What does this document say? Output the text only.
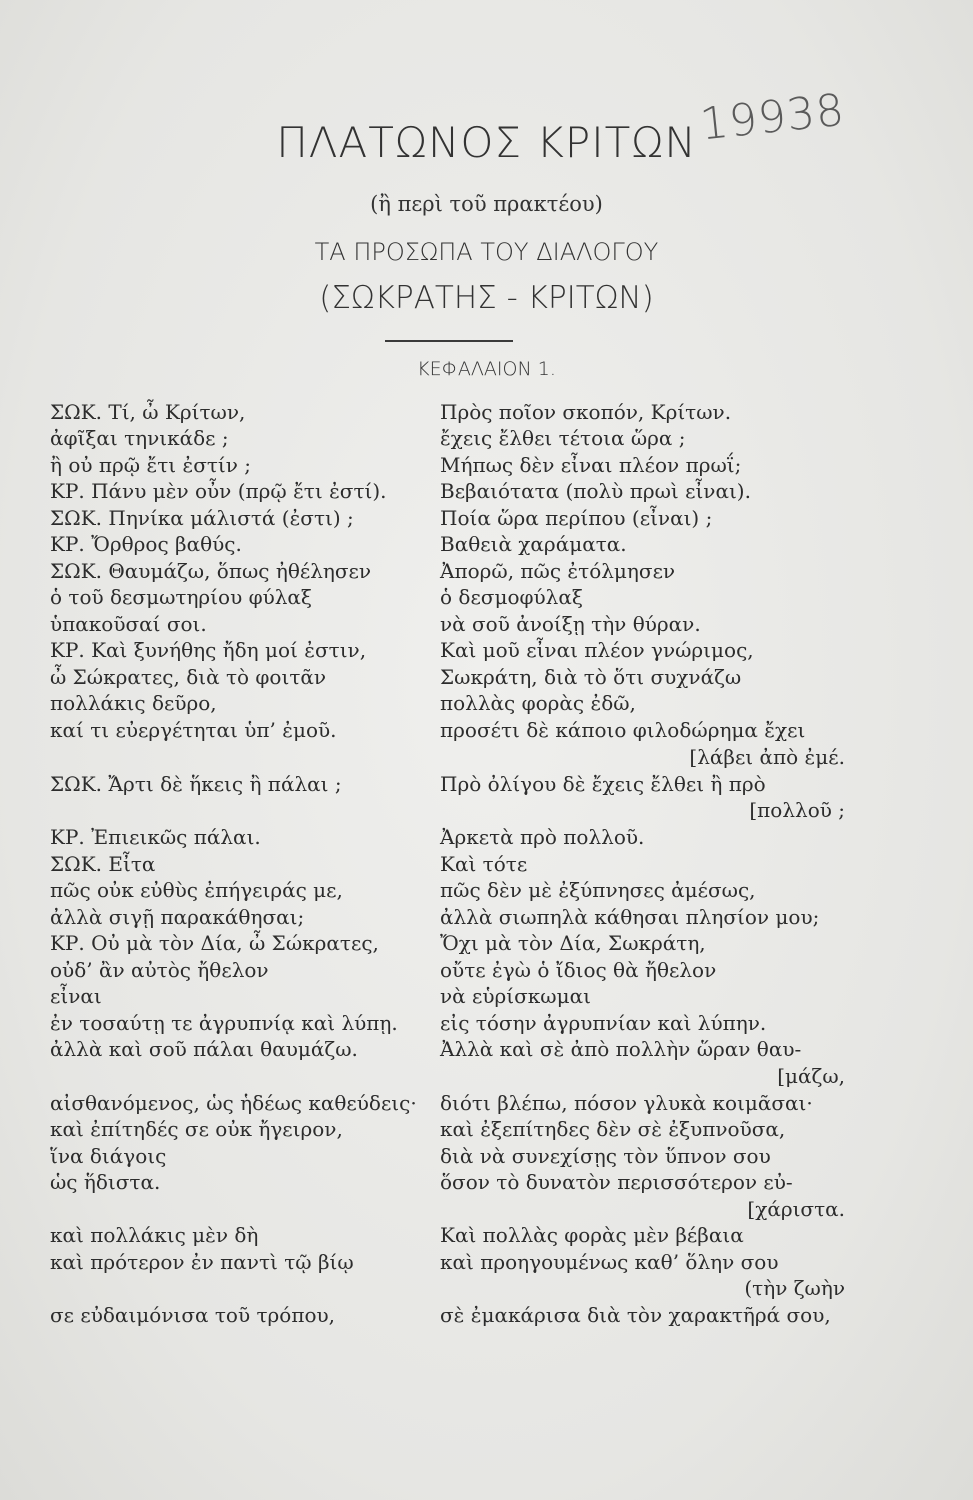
19938
ΠΛΑΤΩΝΟΣ ΚΡΙΤΩΝ
(ἢ περὶ τοῦ πρακτέου)
ΤΑ ΠΡΟΣΩΠΑ ΤΟΥ ΔΙΑΛΟΓΟΥ
(ΣΩΚΡΑΤΗΣ - ΚΡΙΤΩΝ)
ΚΕΦΑΛΑΙΟΝ 1.
ΣΩΚ. Τί, ὦ Κρίτων,
ἀφῖξαι τηνικάδε ;
ἢ οὐ πρῷ ἔτι ἐστίν ;
ΚΡ. Πάνυ μὲν οὖν (πρῷ ἔτι ἐστί).
ΣΩΚ. Πηνίκα μάλιστά (ἐστι) ;
ΚΡ. Ὄρθρος βαθύς.
ΣΩΚ. Θαυμάζω, ὅπως ἠθέλησεν
ὁ τοῦ δεσμωτηρίου φύλαξ
ὑπακοῦσαί σοι.
ΚΡ. Καὶ ξυνήθης ἤδη μοί ἐστιν,
ὦ Σώκρατες, διὰ τὸ φοιτᾶν
πολλάκις δεῦρο,
καί τι εὐεργέτηται ὑπ’ ἐμοῦ.
ΣΩΚ. Ἄρτι δὲ ἥκεις ἢ πάλαι ;
ΚΡ. Ἐπιεικῶς πάλαι.
ΣΩΚ. Εἶτα
πῶς οὐκ εὐθὺς ἐπήγειράς με,
ἀλλὰ σιγῇ παρακάθησαι;
ΚΡ. Οὐ μὰ τὸν Δία, ὦ Σώκρατες,
οὐδ’ ἂν αὐτὸς ἤθελον
εἶναι
ἐν τοσαύτῃ τε ἀγρυπνίᾳ καὶ λύπῃ.
ἀλλὰ καὶ σοῦ πάλαι θαυμάζω.
αἰσθανόμενος, ὡς ἡδέως καθεύδεις·
καὶ ἐπίτηδές σε οὐκ ἤγειρον,
ἵνα διάγοις
ὡς ἥδιστα.
καὶ πολλάκις μὲν δὴ
καὶ πρότερον ἐν παντὶ τῷ βίῳ
σε εὐδαιμόνισα τοῦ τρόπου,
Πρὸς ποῖον σκοπόν, Κρίτων.
ἔχεις ἔλθει τέτοια ὥρα ;
Μήπως δὲν εἶναι πλέον πρωΐ;
Βεβαιότατα (πολὺ πρωὶ εἶναι).
Ποία ὥρα περίπου (εἶναι) ;
Βαθειὰ χαράματα.
Ἀπορῶ, πῶς ἐτόλμησεν
ὁ δεσμοφύλαξ
νὰ σοῦ ἀνοίξῃ τὴν θύραν.
Καὶ μοῦ εἶναι πλέον γνώριμος,
Σωκράτη, διὰ τὸ ὅτι συχνάζω
πολλὰς φορὰς ἐδῶ,
προσέτι δὲ κάποιο φιλοδώρημα ἔχει
[λάβει ἀπὸ ἐμέ.
Πρὸ ὀλίγου δὲ ἔχεις ἔλθει ἢ πρὸ
[πολλοῦ ;
Ἀρκετὰ πρὸ πολλοῦ.
Καὶ τότε
πῶς δὲν μὲ ἐξύπνησες ἀμέσως,
ἀλλὰ σιωπηλὰ κάθησαι πλησίον μου;
Ὄχι μὰ τὸν Δία, Σωκράτη,
οὔτε ἐγὼ ὁ ἴδιος θὰ ἤθελον
νὰ εὑρίσκωμαι
εἰς τόσην ἀγρυπνίαν καὶ λύπην.
Ἀλλὰ καὶ σὲ ἀπὸ πολλὴν ὥραν θαυ-
[μάζω,
διότι βλέπω, πόσον γλυκὰ κοιμᾶσαι·
καὶ ἐξεπίτηδες δὲν σὲ ἐξυπνοῦσα,
διὰ νὰ συνεχίσῃς τὸν ὕπνον σου
ὅσον τὸ δυνατὸν περισσότερον εὐ-
[χάριστα.
Καὶ πολλὰς φορὰς μὲν βέβαια
καὶ προηγουμένως καθ’ ὅλην σου
(τὴν ζωὴν
σὲ ἐμακάρισα διὰ τὸν χαρακτῆρά σου,
